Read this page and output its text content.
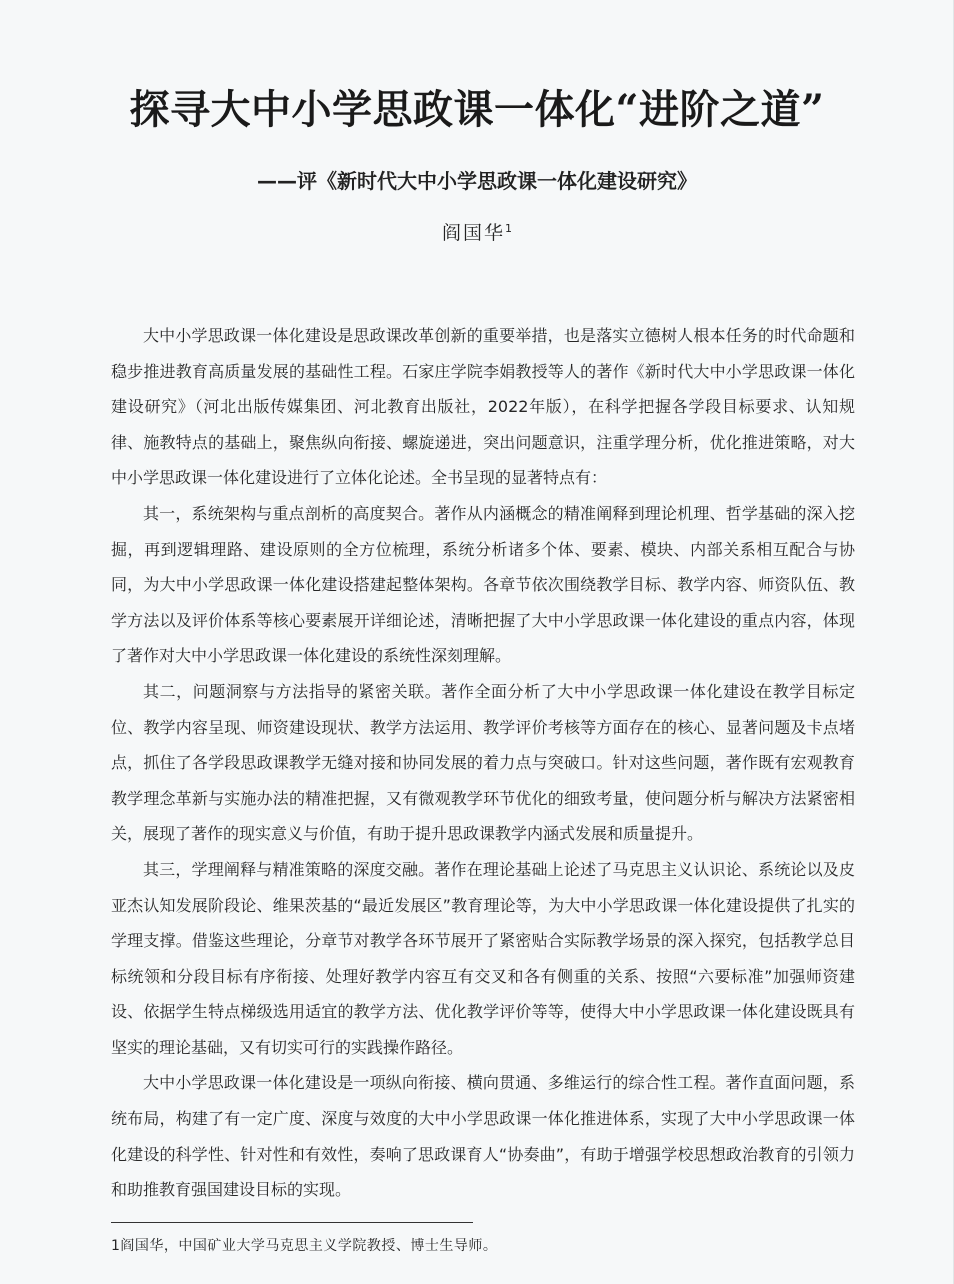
探寻大中小学思政课一体化“进阶之道”
——评《新时代大中小学思政课一体化建设研究》
阎国华$^1$

大中小学思政课一体化建设是思政课改革创新的重要举措，也是落实立德树人根本任务的时代命题和稳步推进教育高质量发展的基础性工程。石家庄学院李娟教授等人的著作《新时代大中小学思政课一体化建设研究》（河北出版传媒集团、河北教育出版社，2022年版），在科学把握各学段目标要求、认知规律、施教特点的基础上，聚焦纵向衔接、螺旋递进，突出问题意识，注重学理分析，优化推进策略，对大中小学思政课一体化建设进行了立体化论述。全书呈现的显著特点有：

其一，系统架构与重点剖析的高度契合。著作从内涵概念的精准阐释到理论机理、哲学基础的深入挖掘，再到逻辑理路、建设原则的全方位梳理，系统分析诸多个体、要素、模块、内部关系相互配合与协同，为大中小学思政课一体化建设搭建起整体架构。各章节依次围绕教学目标、教学内容、师资队伍、教学方法以及评价体系等核心要素展开详细论述，清晰把握了大中小学思政课一体化建设的重点内容，体现了著作对大中小学思政课一体化建设的系统性深刻理解。

其二，问题洞察与方法指导的紧密关联。著作全面分析了大中小学思政课一体化建设在教学目标定位、教学内容呈现、师资建设现状、教学方法运用、教学评价考核等方面存在的核心、显著问题及卡点堵点，抓住了各学段思政课教学无缝对接和协同发展的着力点与突破口。针对这些问题，著作既有宏观教育教学理念革新与实施办法的精准把握，又有微观教学环节优化的细致考量，使问题分析与解决方法紧密相关，展现了著作的现实意义与价值，有助于提升思政课教学内涵式发展和质量提升。

其三，学理阐释与精准策略的深度交融。著作在理论基础上论述了马克思主义认识论、系统论以及皮亚杰认知发展阶段论、维果茨基的“最近发展区”教育理论等，为大中小学思政课一体化建设提供了扎实的学理支撑。借鉴这些理论，分章节对教学各环节展开了紧密贴合实际教学场景的深入探究，包括教学总目标统领和分段目标有序衔接、处理好教学内容互有交叉和各有侧重的关系、按照“六要标准”加强师资建设、依据学生特点梯级选用适宜的教学方法、优化教学评价等等，使得大中小学思政课一体化建设既具有坚实的理论基础，又有切实可行的实践操作路径。

大中小学思政课一体化建设是一项纵向衔接、横向贯通、多维运行的综合性工程。著作直面问题，系统布局，构建了有一定广度、深度与效度的大中小学思政课一体化推进体系，实现了大中小学思政课一体化建设的科学性、针对性和有效性，奏响了思政课育人“协奏曲”，有助于增强学校思想政治教育的引领力和助推教育强国建设目标的实现。

1阎国华，中国矿业大学马克思主义学院教授、博士生导师。
